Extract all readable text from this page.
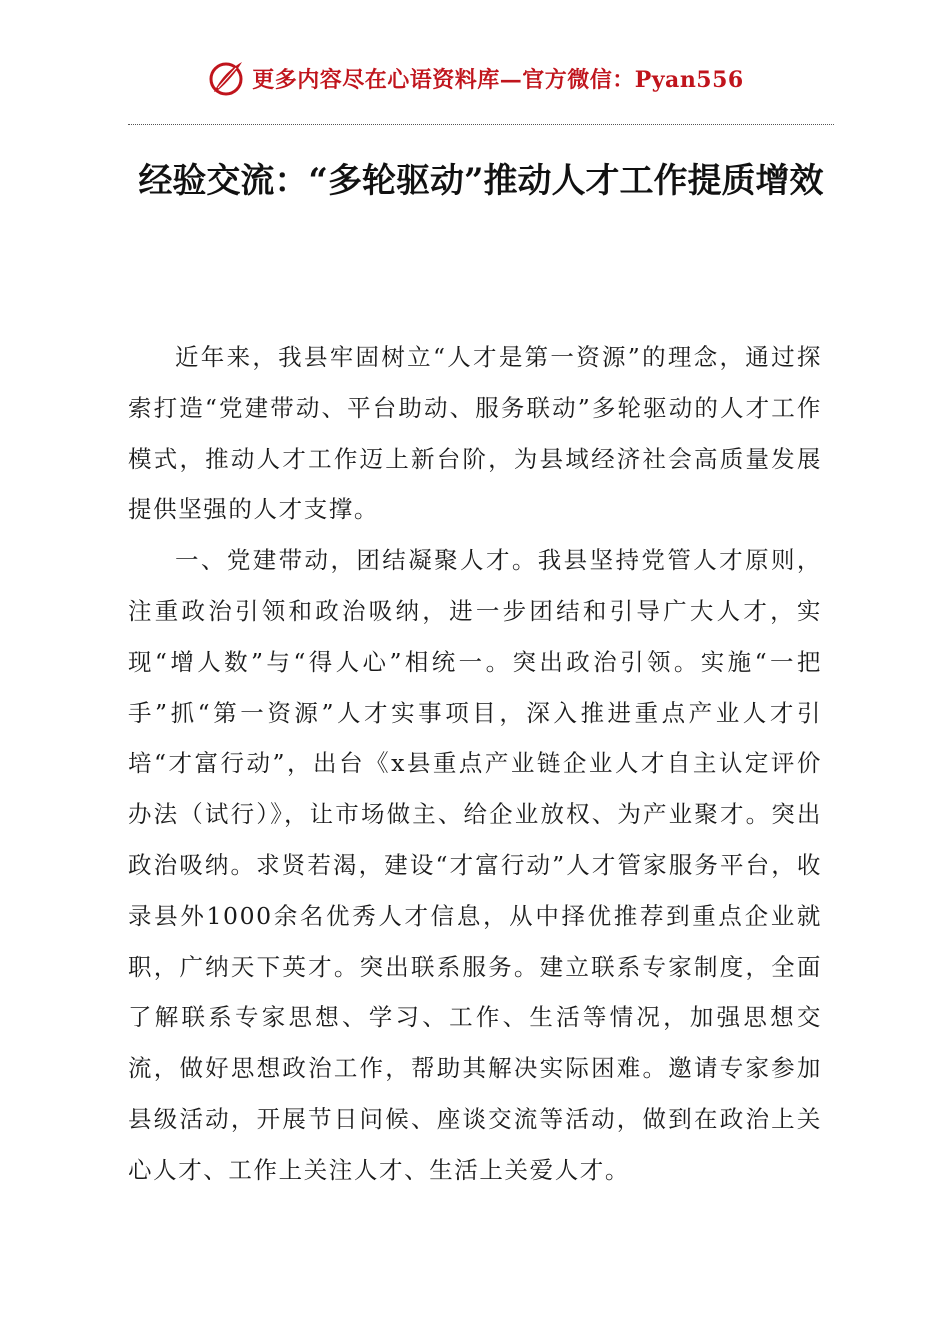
更多内容尽在心语资料库—官方微信：Pyan556
经验交流：“多轮驱动”推动人才工作提质增效

近年来，我县牢固树立“人才是第一资源”的理念，通过探索打造“党建带动、平台助动、服务联动”多轮驱动的人才工作模式，推动人才工作迈上新台阶，为县域经济社会高质量发展提供坚强的人才支撑。

一、党建带动，团结凝聚人才。我县坚持党管人才原则，注重政治引领和政治吸纳，进一步团结和引导广大人才，实现“增人数”与“得人心”相统一。突出政治引领。实施“一把手”抓“第一资源”人才实事项目，深入推进重点产业人才引培“才富行动”，出台《x县重点产业链企业人才自主认定评价办法（试行）》，让市场做主、给企业放权、为产业聚才。突出政治吸纳。求贤若渴，建设“才富行动”人才管家服务平台，收录县外1000余名优秀人才信息，从中择优推荐到重点企业就职，广纳天下英才。突出联系服务。建立联系专家制度，全面了解联系专家思想、学习、工作、生活等情况，加强思想交流，做好思想政治工作，帮助其解决实际困难。邀请专家参加县级活动，开展节日问候、座谈交流等活动，做到在政治上关心人才、工作上关注人才、生活上关爱人才。
